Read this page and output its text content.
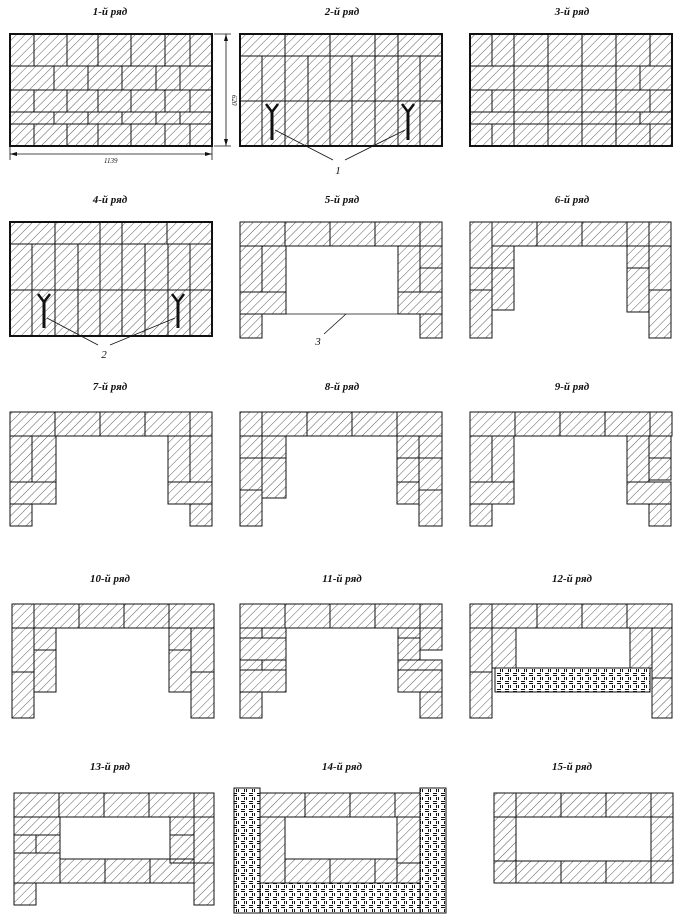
1-й ряд	2-й ряд	3-й ряд
4-й ряд	5-й ряд	6-й ряд
7-й ряд	8-й ряд	9-й ряд
10-й ряд	11-й ряд	12-й ряд
13-й ряд	14-й ряд	15-й ряд
1139
620
1
2
3
